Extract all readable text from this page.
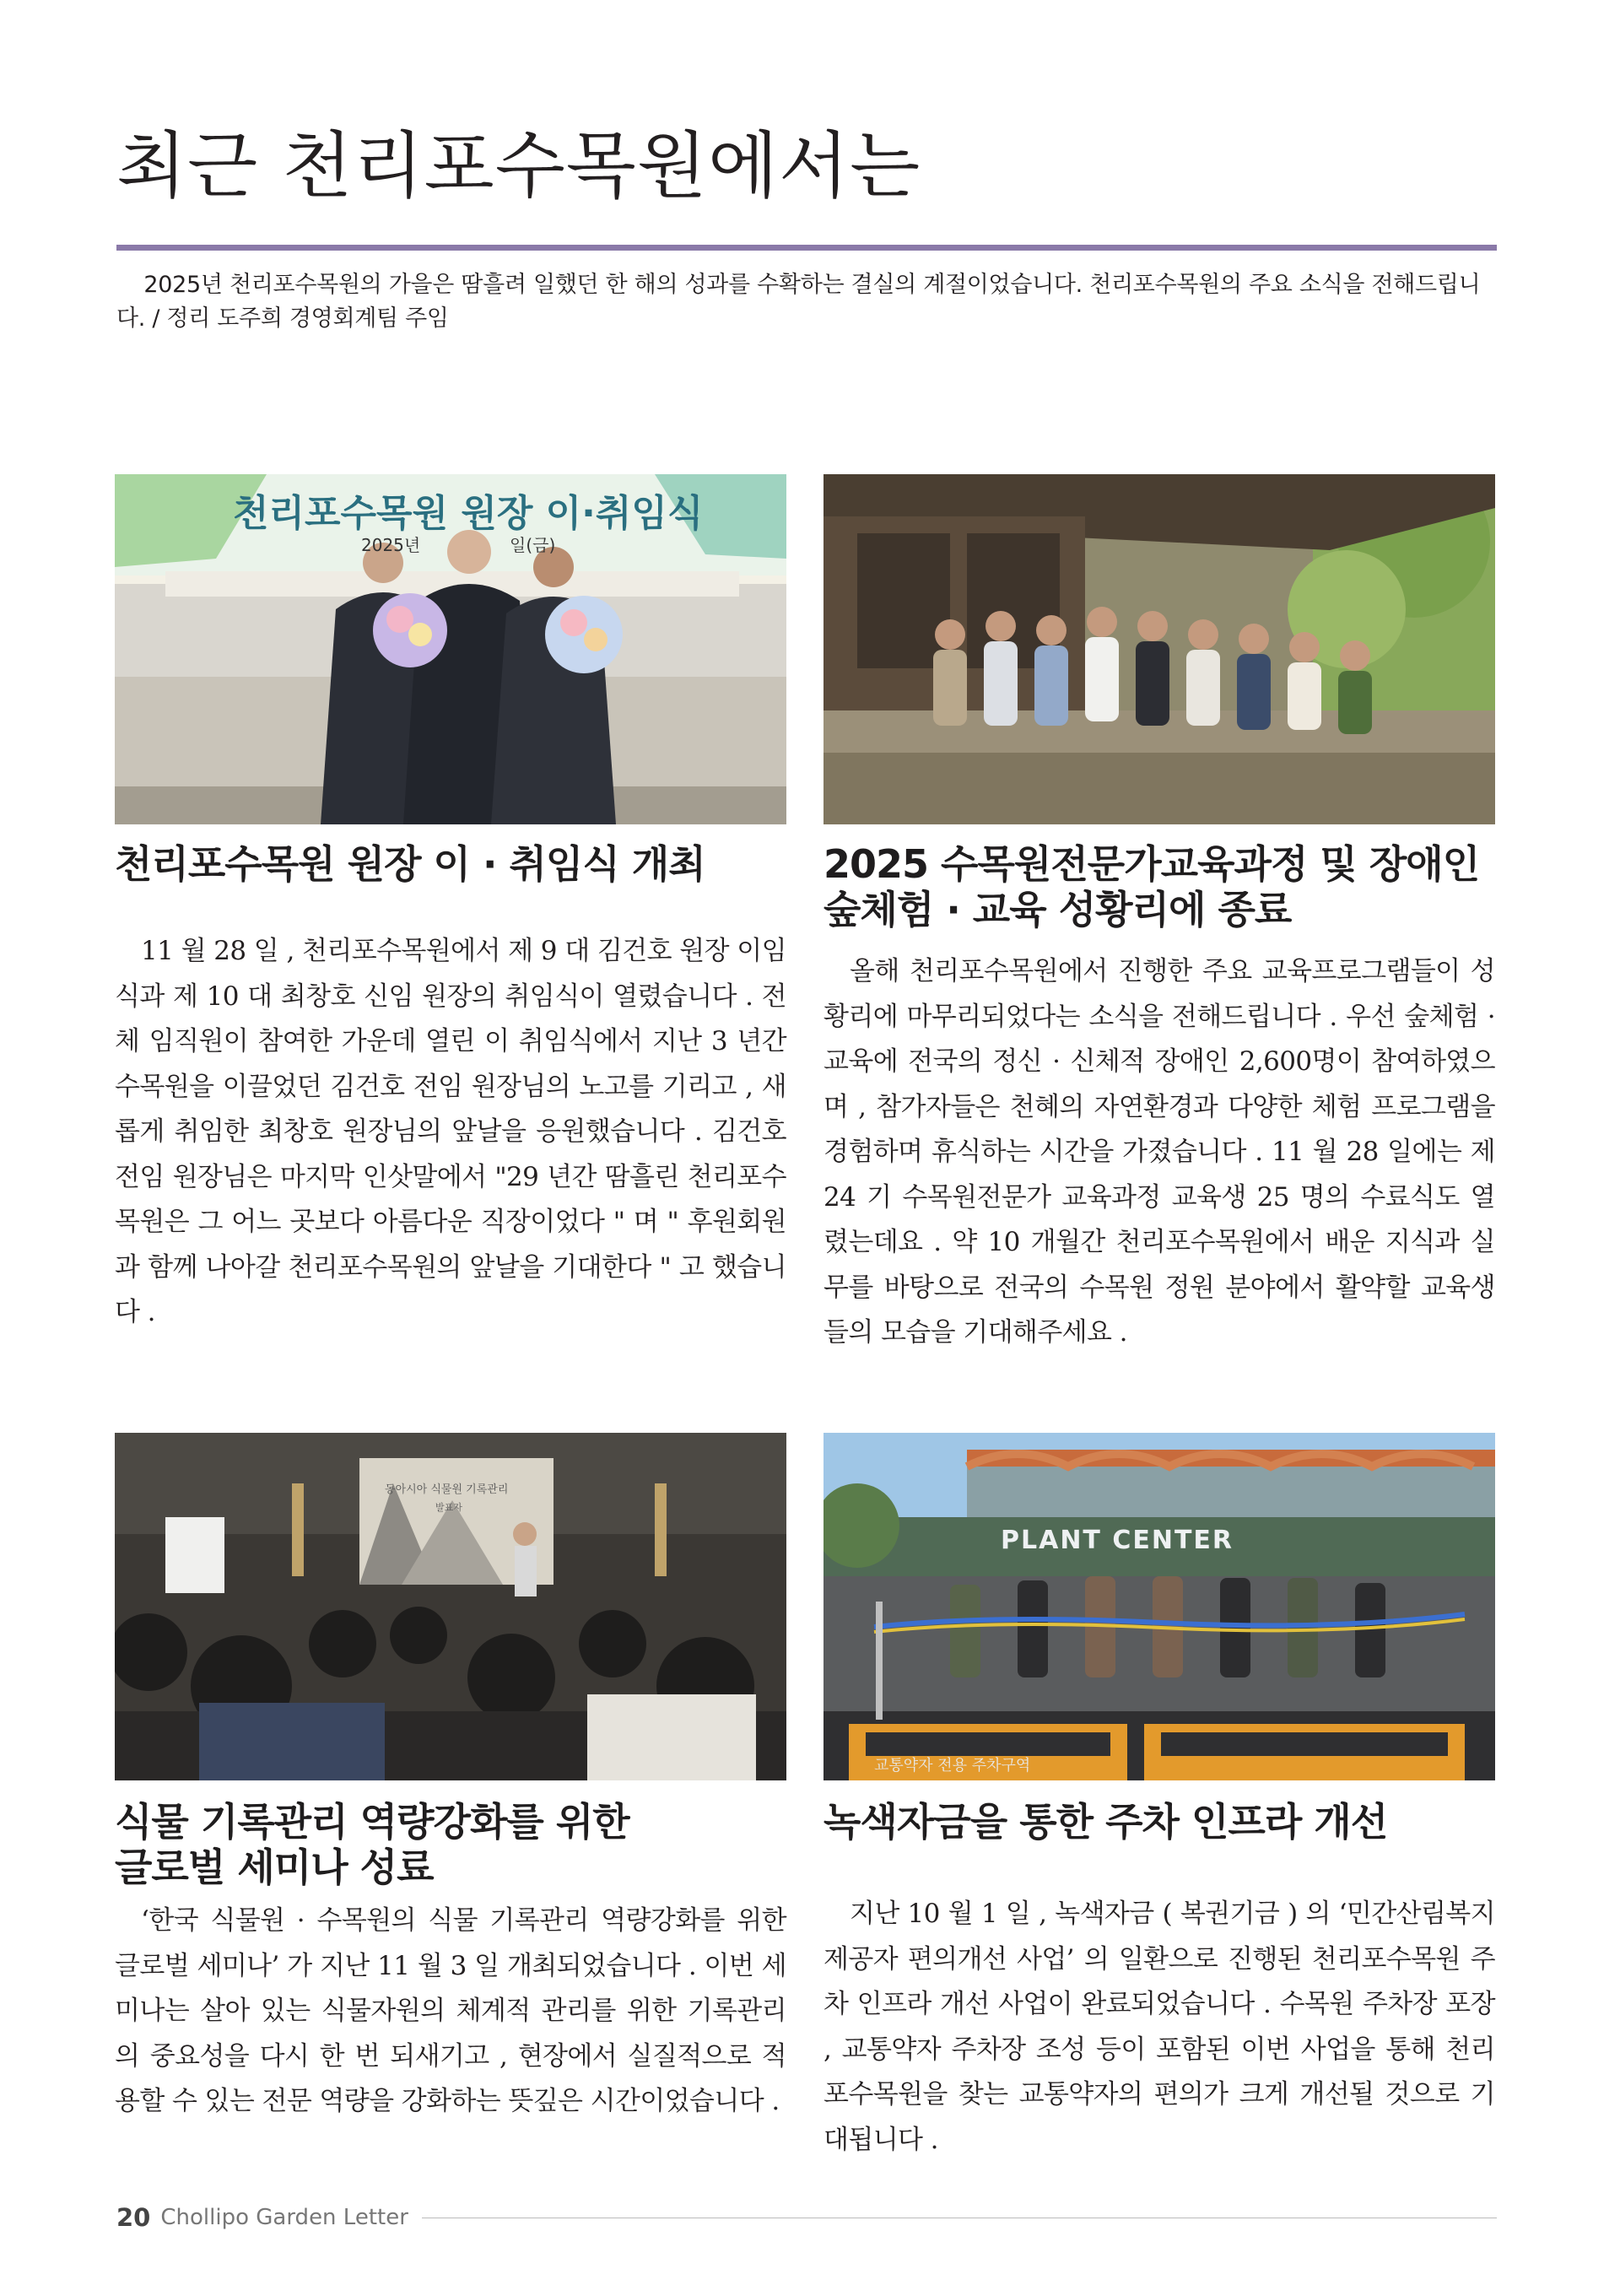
최근 천리포수목원에서는

2025년 천리포수목원의 가을은 땀흘려 일했던 한 해의 성과를 수확하는 결실의 계절이었습니다. 천리포수목원의 주요 소식을 전해드립니다. / 정리 도주희 경영회계팀 주임

천리포수목원 원장 이·취임식
2025년	일(금)
천리포수목원 원장 이 · 취임식 개최

11 월 28 일 , 천리포수목원에서 제 9 대 김건호 원장 이임식과 제 10 대 최창호 신임 원장의 취임식이 열렸습니다 . 전체 임직원이 참여한 가운데 열린 이 취임식에서 지난 3 년간 수목원을 이끌었던 김건호 전임 원장님의 노고를 기리고 , 새롭게 취임한 최창호 원장님의 앞날을 응원했습니다 . 김건호 전임 원장님은 마지막 인삿말에서 "29 년간 땀흘린 천리포수목원은 그 어느 곳보다 아름다운 직장이었다 " 며 " 후원회원과 함께 나아갈 천리포수목원의 앞날을 기대한다 " 고 했습니다 .

2025 수목원전문가교육과정 및 장애인
숲체험 · 교육 성황리에 종료

올해 천리포수목원에서 진행한 주요 교육프로그램들이 성황리에 마무리되었다는 소식을 전해드립니다 . 우선 숲체험 · 교육에 전국의 정신 · 신체적 장애인 2,600명이 참여하였으며 , 참가자들은 천혜의 자연환경과 다양한 체험 프로그램을 경험하며 휴식하는 시간을 가졌습니다 . 11 월 28 일에는 제 24 기 수목원전문가 교육과정 교육생 25 명의 수료식도 열렸는데요 . 약 10 개월간 천리포수목원에서 배운 지식과 실무를 바탕으로 전국의 수목원 정원 분야에서 활약할 교육생들의 모습을 기대해주세요 .

동아시아 식물원 기록관리
발표자
식물 기록관리 역량강화를 위한
글로벌 세미나 성료

‘한국 식물원 · 수목원의 식물 기록관리 역량강화를 위한 글로벌 세미나’ 가 지난 11 월 3 일 개최되었습니다 . 이번 세미나는 살아 있는 식물자원의 체계적 관리를 위한 기록관리의 중요성을 다시 한 번 되새기고 , 현장에서 실질적으로 적용할 수 있는 전문 역량을 강화하는 뜻깊은 시간이었습니다 .

PLANT CENTER
교통약자 전용 주차구역
녹색자금을 통한 주차 인프라 개선

지난 10 월 1 일 , 녹색자금 ( 복권기금 ) 의 ‘민간산림복지제공자 편의개선 사업’ 의 일환으로 진행된 천리포수목원 주차 인프라 개선 사업이 완료되었습니다 . 수목원 주차장 포장 , 교통약자 주차장 조성 등이 포함된 이번 사업을 통해 천리포수목원을 찾는 교통약자의 편의가 크게 개선될 것으로 기대됩니다 .

20 Chollipo Garden Letter
